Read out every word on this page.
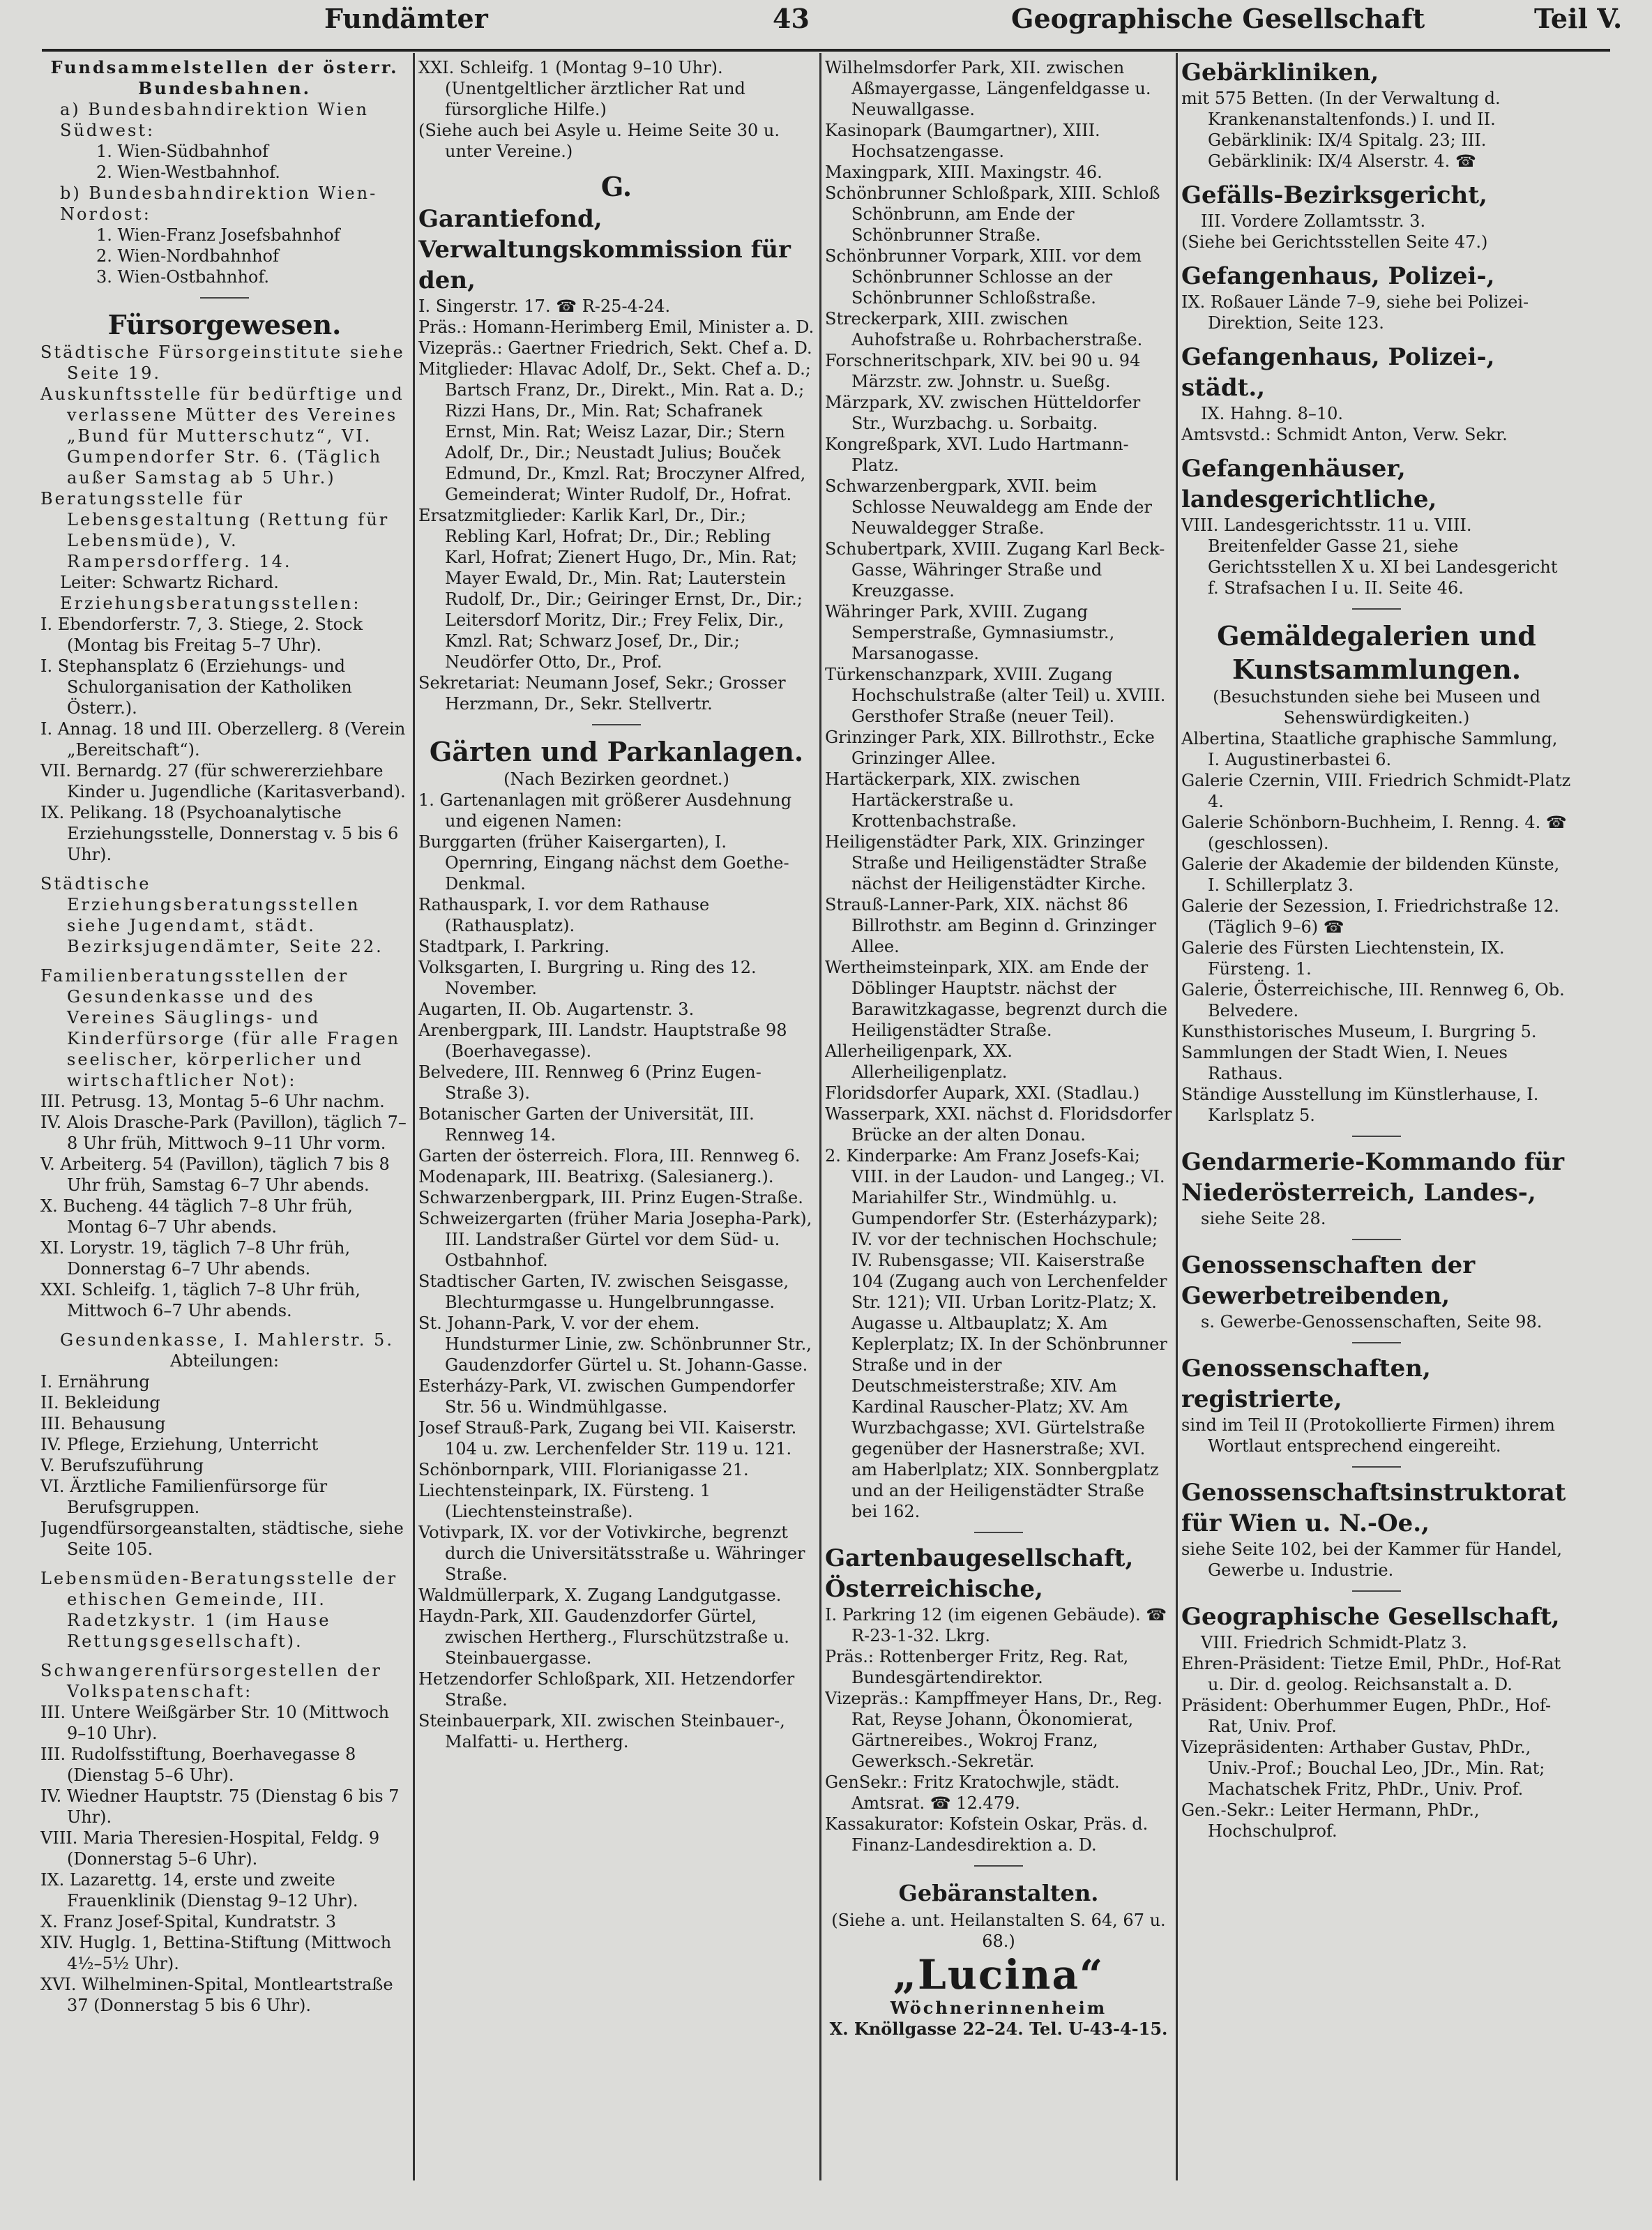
Fundämter	43	Geographische Gesellschaft	Teil V.

Fundsammelstellen der österr. Bundesbahnen.

a) Bundesbahndirektion Wien Südwest:

1. Wien-Südbahnhof

2. Wien-Westbahnhof.

b) Bundesbahndirektion Wien-Nordost:

1. Wien-Franz Josefsbahnhof

2. Wien-Nordbahnhof

3. Wien-Ostbahnhof.

Fürsorgewesen.

Städtische Fürsorgeinstitute siehe Seite 19.

Auskunftsstelle für bedürftige und verlassene Mütter des Vereines „Bund für Mutterschutz“, VI. Gumpendorfer Str. 6. (Täglich außer Samstag ab 5 Uhr.)

Beratungsstelle für Lebensgestaltung (Rettung für Lebensmüde), V. Rampersdorfferg. 14.

Leiter: Schwartz Richard.

Erziehungsberatungsstellen:

I. Ebendorferstr. 7, 3. Stiege, 2. Stock (Montag bis Freitag 5–7 Uhr).

I. Stephansplatz 6 (Erziehungs- und Schulorganisation der Katholiken Österr.).

I. Annag. 18 und III. Oberzellerg. 8 (Verein „Bereitschaft“).

VII. Bernardg. 27 (für schwererziehbare Kinder u. Jugendliche (Karitasverband).

IX. Pelikang. 18 (Psychoanalytische Erziehungsstelle, Donnerstag v. 5 bis 6 Uhr).

Städtische Erziehungsberatungsstellen siehe Jugendamt, städt. Bezirksjugendämter, Seite 22.

Familienberatungsstellen der Gesundenkasse und des Vereines Säuglings- und Kinderfürsorge (für alle Fragen seelischer, körperlicher und wirtschaftlicher Not):

III. Petrusg. 13, Montag 5–6 Uhr nachm.

IV. Alois Drasche-Park (Pavillon), täglich 7–8 Uhr früh, Mittwoch 9–11 Uhr vorm.

V. Arbeiterg. 54 (Pavillon), täglich 7 bis 8 Uhr früh, Samstag 6–7 Uhr abends.

X. Bucheng. 44 täglich 7–8 Uhr früh, Montag 6–7 Uhr abends.

XI. Lorystr. 19, täglich 7–8 Uhr früh, Donnerstag 6–7 Uhr abends.

XXI. Schleifg. 1, täglich 7–8 Uhr früh, Mittwoch 6–7 Uhr abends.

Gesundenkasse, I. Mahlerstr. 5.

Abteilungen:

I. Ernährung

II. Bekleidung

III. Behausung

IV. Pflege, Erziehung, Unterricht

V. Berufszuführung

VI. Ärztliche Familienfürsorge für Berufsgruppen.

Jugendfürsorgeanstalten, städtische, siehe Seite 105.

Lebensmüden-Beratungsstelle der ethischen Gemeinde, III. Radetzkystr. 1 (im Hause Rettungsgesellschaft).

Schwangerenfürsorgestellen der Volkspatenschaft:

III. Untere Weißgärber Str. 10 (Mittwoch 9–10 Uhr).

III. Rudolfsstiftung, Boerhavegasse 8 (Dienstag 5–6 Uhr).

IV. Wiedner Hauptstr. 75 (Dienstag 6 bis 7 Uhr).

VIII. Maria Theresien-Hospital, Feldg. 9 (Donnerstag 5–6 Uhr).

IX. Lazarettg. 14, erste und zweite Frauenklinik (Dienstag 9–12 Uhr).

X. Franz Josef-Spital, Kundratstr. 3

XIV. Huglg. 1, Bettina-Stiftung (Mittwoch 4½–5½ Uhr).

XVI. Wilhelminen-Spital, Montleartstraße 37 (Donnerstag 5 bis 6 Uhr).

XXI. Schleifg. 1 (Montag 9–10 Uhr). (Unentgeltlicher ärztlicher Rat und fürsorgliche Hilfe.)

(Siehe auch bei Asyle u. Heime Seite 30 u. unter Vereine.)

G.

Garantiefond, Verwaltungskommission für den,

I. Singerstr. 17. ☎ R-25-4-24.

Präs.: Homann-Herimberg Emil, Minister a. D.

Vizepräs.: Gaertner Friedrich, Sekt. Chef a. D.

Mitglieder: Hlavac Adolf, Dr., Sekt. Chef a. D.; Bartsch Franz, Dr., Direkt., Min. Rat a. D.; Rizzi Hans, Dr., Min. Rat; Schafranek Ernst, Min. Rat; Weisz Lazar, Dir.; Stern Adolf, Dr., Dir.; Neustadt Julius; Bouček Edmund, Dr., Kmzl. Rat; Broczyner Alfred, Gemeinderat; Winter Rudolf, Dr., Hofrat.

Ersatzmitglieder: Karlik Karl, Dr., Dir.; Rebling Karl, Hofrat; Dr., Dir.; Rebling Karl, Hofrat; Zienert Hugo, Dr., Min. Rat; Mayer Ewald, Dr., Min. Rat; Lauterstein Rudolf, Dr., Dir.; Geiringer Ernst, Dr., Dir.; Leitersdorf Moritz, Dir.; Frey Felix, Dir., Kmzl. Rat; Schwarz Josef, Dr., Dir.; Neudörfer Otto, Dr., Prof.

Sekretariat: Neumann Josef, Sekr.; Grosser Herzmann, Dr., Sekr. Stellvertr.

Gärten und Parkanlagen.

(Nach Bezirken geordnet.)

1. Gartenanlagen mit größerer Ausdehnung und eigenen Namen:

Burggarten (früher Kaisergarten), I. Opernring, Eingang nächst dem Goethe-Denkmal.

Rathauspark, I. vor dem Rathause (Rathausplatz).

Stadtpark, I. Parkring.

Volksgarten, I. Burgring u. Ring des 12. November.

Augarten, II. Ob. Augartenstr. 3.

Arenbergpark, III. Landstr. Hauptstraße 98 (Boerhavegasse).

Belvedere, III. Rennweg 6 (Prinz Eugen-Straße 3).

Botanischer Garten der Universität, III. Rennweg 14.

Garten der österreich. Flora, III. Rennweg 6.

Modenapark, III. Beatrixg. (Salesianerg.).

Schwarzenbergpark, III. Prinz Eugen-Straße.

Schweizergarten (früher Maria Josepha-Park), III. Landstraßer Gürtel vor dem Süd- u. Ostbahnhof.

Stadtischer Garten, IV. zwischen Seisgasse, Blechturmgasse u. Hungelbrunngasse.

St. Johann-Park, V. vor der ehem. Hundsturmer Linie, zw. Schönbrunner Str., Gaudenzdorfer Gürtel u. St. Johann-Gasse.

Esterházy-Park, VI. zwischen Gumpendorfer Str. 56 u. Windmühlgasse.

Josef Strauß-Park, Zugang bei VII. Kaiserstr. 104 u. zw. Lerchenfelder Str. 119 u. 121.

Schönbornpark, VIII. Florianigasse 21.

Liechtensteinpark, IX. Fürsteng. 1 (Liechtensteinstraße).

Votivpark, IX. vor der Votivkirche, begrenzt durch die Universitätsstraße u. Währinger Straße.

Waldmüllerpark, X. Zugang Landgutgasse.

Haydn-Park, XII. Gaudenzdorfer Gürtel, zwischen Hertherg., Flurschützstraße u. Steinbauergasse.

Hetzendorfer Schloßpark, XII. Hetzendorfer Straße.

Steinbauerpark, XII. zwischen Steinbauer-, Malfatti- u. Hertherg.

Wilhelmsdorfer Park, XII. zwischen Aßmayergasse, Längenfeldgasse u. Neuwallgasse.

Kasinopark (Baumgartner), XIII. Hochsatzengasse.

Maxingpark, XIII. Maxingstr. 46.

Schönbrunner Schloßpark, XIII. Schloß Schönbrunn, am Ende der Schönbrunner Straße.

Schönbrunner Vorpark, XIII. vor dem Schönbrunner Schlosse an der Schönbrunner Schloßstraße.

Streckerpark, XIII. zwischen Auhofstraße u. Rohrbacherstraße.

Forschneritschpark, XIV. bei 90 u. 94 Märzstr. zw. Johnstr. u. Sueßg.

Märzpark, XV. zwischen Hütteldorfer Str., Wurzbachg. u. Sorbaitg.

Kongreßpark, XVI. Ludo Hartmann-Platz.

Schwarzenbergpark, XVII. beim Schlosse Neuwaldegg am Ende der Neuwaldegger Straße.

Schubertpark, XVIII. Zugang Karl Beck-Gasse, Währinger Straße und Kreuzgasse.

Währinger Park, XVIII. Zugang Semperstraße, Gymnasiumstr., Marsanogasse.

Türkenschanzpark, XVIII. Zugang Hochschulstraße (alter Teil) u. XVIII. Gersthofer Straße (neuer Teil).

Grinzinger Park, XIX. Billrothstr., Ecke Grinzinger Allee.

Hartäckerpark, XIX. zwischen Hartäckerstraße u. Krottenbachstraße.

Heiligenstädter Park, XIX. Grinzinger Straße und Heiligenstädter Straße nächst der Heiligenstädter Kirche.

Strauß-Lanner-Park, XIX. nächst 86 Billrothstr. am Beginn d. Grinzinger Allee.

Wertheimsteinpark, XIX. am Ende der Döblinger Hauptstr. nächst der Barawitzkagasse, begrenzt durch die Heiligenstädter Straße.

Allerheiligenpark, XX. Allerheiligenplatz.

Floridsdorfer Aupark, XXI. (Stadlau.)

Wasserpark, XXI. nächst d. Floridsdorfer Brücke an der alten Donau.

2. Kinderparke: Am Franz Josefs-Kai; VIII. in der Laudon- und Langeg.; VI. Mariahilfer Str., Windmühlg. u. Gumpendorfer Str. (Esterházypark); IV. vor der technischen Hochschule; IV. Rubensgasse; VII. Kaiserstraße 104 (Zugang auch von Lerchenfelder Str. 121); VII. Urban Loritz-Platz; X. Augasse u. Altbauplatz; X. Am Keplerplatz; IX. In der Schönbrunner Straße und in der Deutschmeisterstraße; XIV. Am Kardinal Rauscher-Platz; XV. Am Wurzbachgasse; XVI. Gürtelstraße gegenüber der Hasnerstraße; XVI. am Haberlplatz; XIX. Sonnbergplatz und an der Heiligenstädter Straße bei 162.

Gartenbaugesellschaft, Österreichische,

I. Parkring 12 (im eigenen Gebäude). ☎ R-23-1-32. Lkrg.

Präs.: Rottenberger Fritz, Reg. Rat, Bundesgärtendirektor.

Vizepräs.: Kampffmeyer Hans, Dr., Reg. Rat, Reyse Johann, Ökonomierat, Gärtnereibes., Wokroj Franz, Gewerksch.-Sekretär.

GenSekr.: Fritz Kratochwjle, städt. Amtsrat. ☎ 12.479.

Kassakurator: Kofstein Oskar, Präs. d. Finanz-Landesdirektion a. D.

Gebäranstalten.

(Siehe a. unt. Heilanstalten S. 64, 67 u. 68.)

„Lucina“

Wöchnerinnenheim

X. Knöllgasse 22–24. Tel. U-43-4-15.

Gebärkliniken,

mit 575 Betten. (In der Verwaltung d. Krankenanstaltenfonds.) I. und II. Gebärklinik: IX/4 Spitalg. 23; III. Gebärklinik: IX/4 Alserstr. 4. ☎

Gefälls-Bezirksgericht,

III. Vordere Zollamtsstr. 3.

(Siehe bei Gerichtsstellen Seite 47.)

Gefangenhaus, Polizei-,

IX. Roßauer Lände 7–9, siehe bei Polizei-Direktion, Seite 123.

Gefangenhaus, Polizei-, städt.,

IX. Hahng. 8–10.

Amtsvstd.: Schmidt Anton, Verw. Sekr.

Gefangenhäuser, landesgerichtliche,

VIII. Landesgerichtsstr. 11 u. VIII. Breitenfelder Gasse 21, siehe Gerichtsstellen X u. XI bei Landesgericht f. Strafsachen I u. II. Seite 46.

Gemäldegalerien und Kunstsammlungen.

(Besuchstunden siehe bei Museen und Sehenswürdigkeiten.)

Albertina, Staatliche graphische Sammlung, I. Augustinerbastei 6.

Galerie Czernin, VIII. Friedrich Schmidt-Platz 4.

Galerie Schönborn-Buchheim, I. Renng. 4. ☎ (geschlossen).

Galerie der Akademie der bildenden Künste, I. Schillerplatz 3.

Galerie der Sezession, I. Friedrichstraße 12. (Täglich 9–6) ☎

Galerie des Fürsten Liechtenstein, IX. Fürsteng. 1.

Galerie, Österreichische, III. Rennweg 6, Ob. Belvedere.

Kunsthistorisches Museum, I. Burgring 5.

Sammlungen der Stadt Wien, I. Neues Rathaus.

Ständige Ausstellung im Künstlerhause, I. Karlsplatz 5.

Gendarmerie-Kommando für Niederösterreich, Landes-,

siehe Seite 28.

Genossenschaften der Gewerbetreibenden,

s. Gewerbe-Genossenschaften, Seite 98.

Genossenschaften, registrierte,

sind im Teil II (Protokollierte Firmen) ihrem Wortlaut entsprechend eingereiht.

Genossenschaftsinstruktorat für Wien u. N.-Oe.,

siehe Seite 102, bei der Kammer für Handel, Gewerbe u. Industrie.

Geographische Gesellschaft,

VIII. Friedrich Schmidt-Platz 3.

Ehren-Präsident: Tietze Emil, PhDr., Hof-Rat u. Dir. d. geolog. Reichsanstalt a. D.

Präsident: Oberhummer Eugen, PhDr., Hof-Rat, Univ. Prof.

Vizepräsidenten: Arthaber Gustav, PhDr., Univ.-Prof.; Bouchal Leo, JDr., Min. Rat; Machatschek Fritz, PhDr., Univ. Prof.

Gen.-Sekr.: Leiter Hermann, PhDr., Hochschulprof.
